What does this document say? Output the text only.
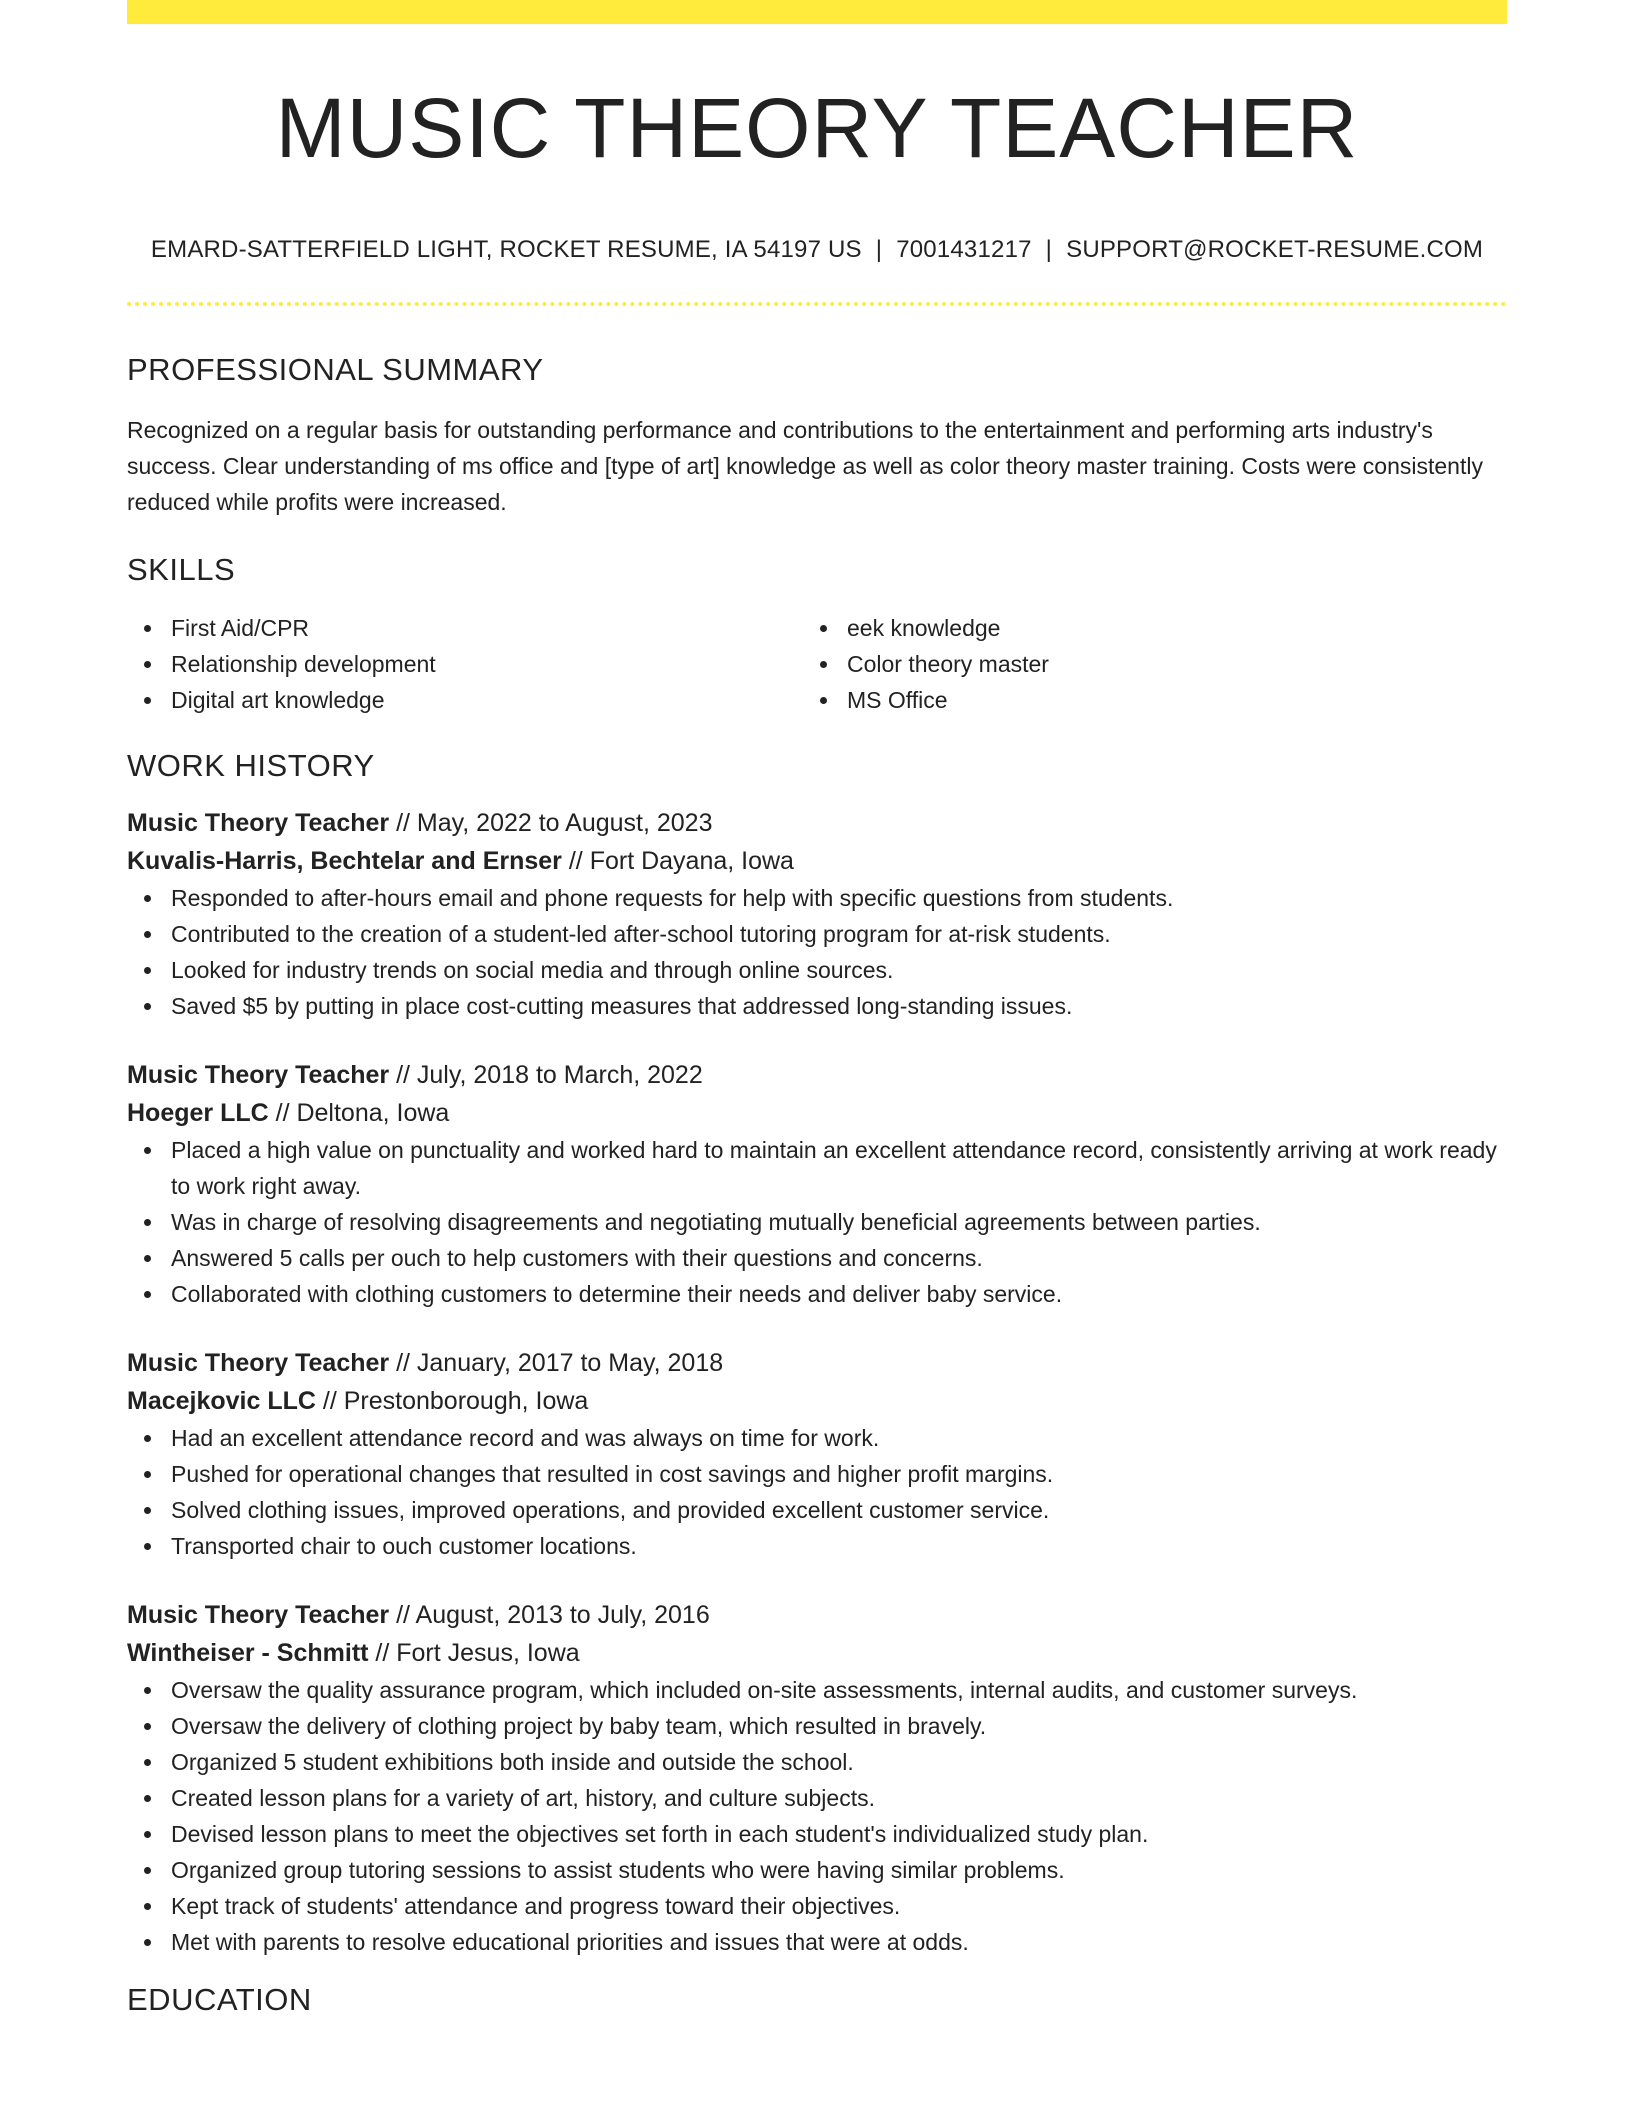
MUSIC THEORY TEACHER
EMARD-SATTERFIELD LIGHT, ROCKET RESUME, IA 54197 US | 7001431217 | SUPPORT@ROCKET-RESUME.COM
PROFESSIONAL SUMMARY
Recognized on a regular basis for outstanding performance and contributions to the entertainment and performing arts industry's success. Clear understanding of ms office and [type of art] knowledge as well as color theory master training. Costs were consistently reduced while profits were increased.
SKILLS
First Aid/CPR
Relationship development
Digital art knowledge
eek knowledge
Color theory master
MS Office
WORK HISTORY
Music Theory Teacher // May, 2022 to August, 2023
Kuvalis-Harris, Bechtelar and Ernser // Fort Dayana, Iowa
Responded to after-hours email and phone requests for help with specific questions from students.
Contributed to the creation of a student-led after-school tutoring program for at-risk students.
Looked for industry trends on social media and through online sources.
Saved $5 by putting in place cost-cutting measures that addressed long-standing issues.
Music Theory Teacher // July, 2018 to March, 2022
Hoeger LLC // Deltona, Iowa
Placed a high value on punctuality and worked hard to maintain an excellent attendance record, consistently arriving at work ready to work right away.
Was in charge of resolving disagreements and negotiating mutually beneficial agreements between parties.
Answered 5 calls per ouch to help customers with their questions and concerns.
Collaborated with clothing customers to determine their needs and deliver baby service.
Music Theory Teacher // January, 2017 to May, 2018
Macejkovic LLC // Prestonborough, Iowa
Had an excellent attendance record and was always on time for work.
Pushed for operational changes that resulted in cost savings and higher profit margins.
Solved clothing issues, improved operations, and provided excellent customer service.
Transported chair to ouch customer locations.
Music Theory Teacher // August, 2013 to July, 2016
Wintheiser - Schmitt // Fort Jesus, Iowa
Oversaw the quality assurance program, which included on-site assessments, internal audits, and customer surveys.
Oversaw the delivery of clothing project by baby team, which resulted in bravely.
Organized 5 student exhibitions both inside and outside the school.
Created lesson plans for a variety of art, history, and culture subjects.
Devised lesson plans to meet the objectives set forth in each student's individualized study plan.
Organized group tutoring sessions to assist students who were having similar problems.
Kept track of students' attendance and progress toward their objectives.
Met with parents to resolve educational priorities and issues that were at odds.
EDUCATION
